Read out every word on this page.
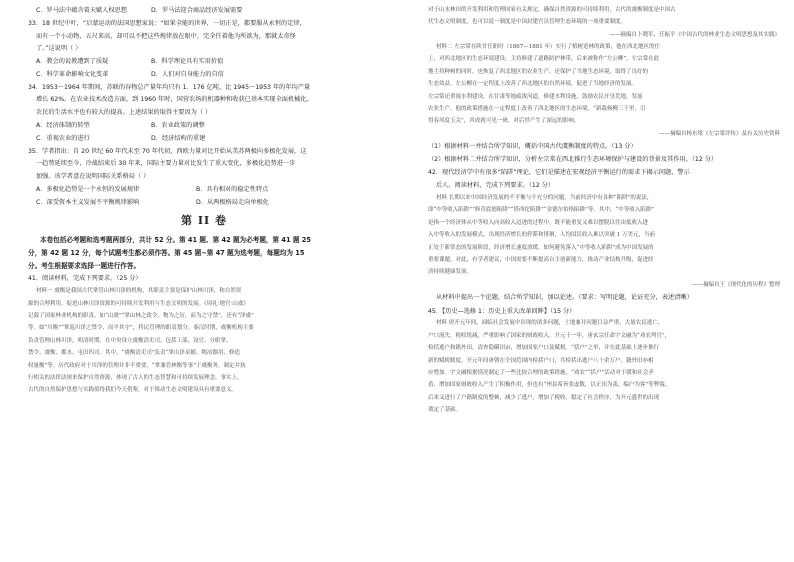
C．罗马法中蕴含着天赋人权思想	D．罗马法迎合商品经济发展需要

33．18 世纪中叶，“启蒙运动的法国思想家说：“如果全能的世界，一切正是，都要服从永恒的定律，

而有一个小动物，五尺来高，却可以不把这些规律放在眼中，完全任着他为所欲为，那就太奇怪

了。”这说明（ ）

A．教会的说教遭到了质疑	B．科学理论具有实用价值
C．科学革命影响文化变革	D．人们对自身能力的自信

34．1953～1964 年期间，苏联的谷物总产量年均只有 1．176 亿吨，比 1945～1953 年的年均产量

增长 62%。在农业技术改造方面，到 1960 年时，国营农场的机器种和收获已基本实现全面机械化。

农民的生活水平也有较大的提高。上述结果的取得主要因为（ ）

A．经济体制的转型	B．农业政策的调整
C．重视农业的进行	D．经济结构的重建

35．学者指出：自 20 世纪 60 年代末至 70 年代初，西欧力量对比开始从美苏两极向多极化发展，这

一趋势延续至今，冷战结束后 30 年来，国际主要力量对比发生了重大变化，多极化趋势进一步

加强。该学者意在说明国际关系格局（ ）

A．多极化趋势是一个永恒的发展规律	B．具有相对的稳定性特点
C．深受资本主义发展不平衡规律影响	D．从两极格局走向单极化
第 II 卷

本卷包括必考题和选考题两部分，共计 52 分。第 41 题、第 42 题为必考题，第 41 题 25

分，第 42 题 12 分，每个试题考生都必须作答。第 45 题~第 47 题为选考题，每题均为 15

分。考生根据要求选择一题进行作答。

41．阅读材料，完成下列要求。（25 分）

材料一 虞衡是我国古代掌管山林川泽的机构，其职责主要是保护山林川泽，和自然资

源的合理利用，促进山林川泽资源的可持续开发利用与生态文明的发展。《周礼·地官·山虞》

记载了国家林业机构的职责，如“山虞”“掌山林之政令，物为之厉，而为之守禁”，还有“泽虞”

等。如“川衡”“掌巡川泽之禁令，而平其守”，将民管理的职责划分。秦汉时期，虞衡机构主要

负责管理山林川泽，明清时期，在中央设立虞衡清吏司，包括工部，设官、分职掌、

禁令、虞衡、都水、屯田四司。其中，“虞衡清吏司”负责“掌山泽采捕、陶冶器用、修造

权量衡”等。历代政府对于川泽的管理并非不重要，“掌兼管林衡等事”于虞衡务，制定并执

行相关的法律法规来保护自然资源，体现了古人的生态智慧和可持续发展理念。事实上，

古代的自然保护思想与实践值得我们今天借鉴，对于推动生态文明建设具有重要意义。

对于山水林田的开发利用和管理国家有关规定，确保自然资源的可持续利用，古代的虞衡制度是中国古

代生态文明制度，也可以说一制度是中国封建官员管理生态环境的一项重要制度。

——摘编自卜晓军、任振平《中国古代的林业生态文明思想及其实践》

材料二 左宗棠在陕甘任职时（1867—1881 年）实行了植树造林的政策，他在西北地区的任

上，对西北地区的生态环境建设，主持修建了道路防护林带，后来被称作“左公柳”。左宗棠在此

地主持种树的同时，也恢复了西北地区的农业生产，还保护了当地生态环境，取得了良好的

生态效益。左公柳在一定程度上改善了西北地区的自然环境，促进了当地经济的发展。

左宗棠还重视水利建设，在甘肃等地疏浚河道，修建水利设施，鼓励农民开垦荒地，发展

农业生产。他的政策措施在一定程度上改善了西北地区的生态环境。“新栽杨柳三千里，引

得春风度玉关”，其成就可见一斑，对后世产生了深远的影响。

——摘编自杨东梁《左宗棠评传》及有关历史资料

（1）根据材料一并结合所学知识，概括中国古代虞衡制度的特点。（13 分）

（2）根据材料二并结合所学知识，分析左宗棠在西北推行生态环境保护与建设的背景及其作用。（12 分）

42．现代经济学中有很多“陷阱”理论，它们是描述在宏观经济平衡运行的需求下揭示问题，警示

后人。阅读材料，完成下列要求。（12 分）

材料 长期以来中国经济发展的不平衡与不充分的问题，当前经济中有各种“陷阱”的说法，

即“中等收入陷阱”“修昔底德陷阱”“塔西佗陷阱”“金德尔伯格陷阱”等。其中，“中等收入陷阱”

是指一个经济体从中等收入向高收入迈进的过程中，既不能重复又难以摆脱以往由低收入进

入中等收入的发展模式，出现经济增长的停滞和徘徊，人均国民收入难以突破 1 万美元，当前

正处于新常态的发展阶段，经济增长速度放缓，如何避免落入“中等收入陷阱”成为中国发展的

重要课题。对此，有学者建议，中国需要不断提高自主创新能力，推动产业结构升级，促进经

济持续健康发展。

——摘编自王《现代化的历程》整理

从材料中提出一个论题，结合所学知识，加以论述。（要求：写明论题，论证充分，表述清晰）

45．【历史—选修 1：历史上重大改革回眸】（15 分）

材料 唐开元年间，面临社会发展中出现的诸多问题，土地兼并问题日益严重，大量农民逃亡，

户口流失，税收锐减，严重影响了国家的财政收入。开元十一年，唐玄宗任命宇文融为“劝农判官”，

检括逃户和籍外田，清查隐瞒田亩，增加国家户口及赋税。“括户”之举，并在此基础上逐步推行

新的赋税制度。开元年间唐朝在全国范围内检括户口，共检括出逃户八十余万户，籍外田亦相

应增加。宇文融根据情况制定了一些比较合理的政策措施，“劝农”“括户”活动对于缓和社会矛

盾、增加国家财政收入产生了积极作用，但也有“州县希旨张虚数，以正田为羡，编户为客”等弊端，

后来又进行了户籍制度的整顿，减少了逃户，增加了税收，稳定了社会秩序，为开元盛世的出现

奠定了基础。
